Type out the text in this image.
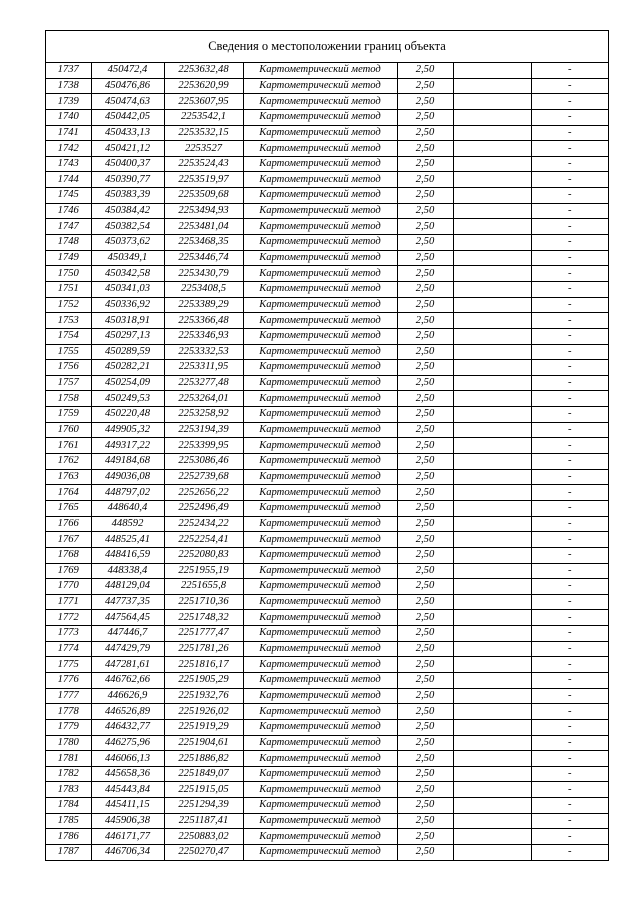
Сведения о местоположении границ объекта
1737	450472,4	2253632,48	Картометрический метод	2,50		-
1738	450476,86	2253620,99	Картометрический метод	2,50		-
1739	450474,63	2253607,95	Картометрический метод	2,50		-
1740	450442,05	2253542,1	Картометрический метод	2,50		-
1741	450433,13	2253532,15	Картометрический метод	2,50		-
1742	450421,12	2253527	Картометрический метод	2,50		-
1743	450400,37	2253524,43	Картометрический метод	2,50		-
1744	450390,77	2253519,97	Картометрический метод	2,50		-
1745	450383,39	2253509,68	Картометрический метод	2,50		-
1746	450384,42	2253494,93	Картометрический метод	2,50		-
1747	450382,54	2253481,04	Картометрический метод	2,50		-
1748	450373,62	2253468,35	Картометрический метод	2,50		-
1749	450349,1	2253446,74	Картометрический метод	2,50		-
1750	450342,58	2253430,79	Картометрический метод	2,50		-
1751	450341,03	2253408,5	Картометрический метод	2,50		-
1752	450336,92	2253389,29	Картометрический метод	2,50		-
1753	450318,91	2253366,48	Картометрический метод	2,50		-
1754	450297,13	2253346,93	Картометрический метод	2,50		-
1755	450289,59	2253332,53	Картометрический метод	2,50		-
1756	450282,21	2253311,95	Картометрический метод	2,50		-
1757	450254,09	2253277,48	Картометрический метод	2,50		-
1758	450249,53	2253264,01	Картометрический метод	2,50		-
1759	450220,48	2253258,92	Картометрический метод	2,50		-
1760	449905,32	2253194,39	Картометрический метод	2,50		-
1761	449317,22	2253399,95	Картометрический метод	2,50		-
1762	449184,68	2253086,46	Картометрический метод	2,50		-
1763	449036,08	2252739,68	Картометрический метод	2,50		-
1764	448797,02	2252656,22	Картометрический метод	2,50		-
1765	448640,4	2252496,49	Картометрический метод	2,50		-
1766	448592	2252434,22	Картометрический метод	2,50		-
1767	448525,41	2252254,41	Картометрический метод	2,50		-
1768	448416,59	2252080,83	Картометрический метод	2,50		-
1769	448338,4	2251955,19	Картометрический метод	2,50		-
1770	448129,04	2251655,8	Картометрический метод	2,50		-
1771	447737,35	2251710,36	Картометрический метод	2,50		-
1772	447564,45	2251748,32	Картометрический метод	2,50		-
1773	447446,7	2251777,47	Картометрический метод	2,50		-
1774	447429,79	2251781,26	Картометрический метод	2,50		-
1775	447281,61	2251816,17	Картометрический метод	2,50		-
1776	446762,66	2251905,29	Картометрический метод	2,50		-
1777	446626,9	2251932,76	Картометрический метод	2,50		-
1778	446526,89	2251926,02	Картометрический метод	2,50		-
1779	446432,77	2251919,29	Картометрический метод	2,50		-
1780	446275,96	2251904,61	Картометрический метод	2,50		-
1781	446066,13	2251886,82	Картометрический метод	2,50		-
1782	445658,36	2251849,07	Картометрический метод	2,50		-
1783	445443,84	2251915,05	Картометрический метод	2,50		-
1784	445411,15	2251294,39	Картометрический метод	2,50		-
1785	445906,38	2251187,41	Картометрический метод	2,50		-
1786	446171,77	2250883,02	Картометрический метод	2,50		-
1787	446706,34	2250270,47	Картометрический метод	2,50		-
